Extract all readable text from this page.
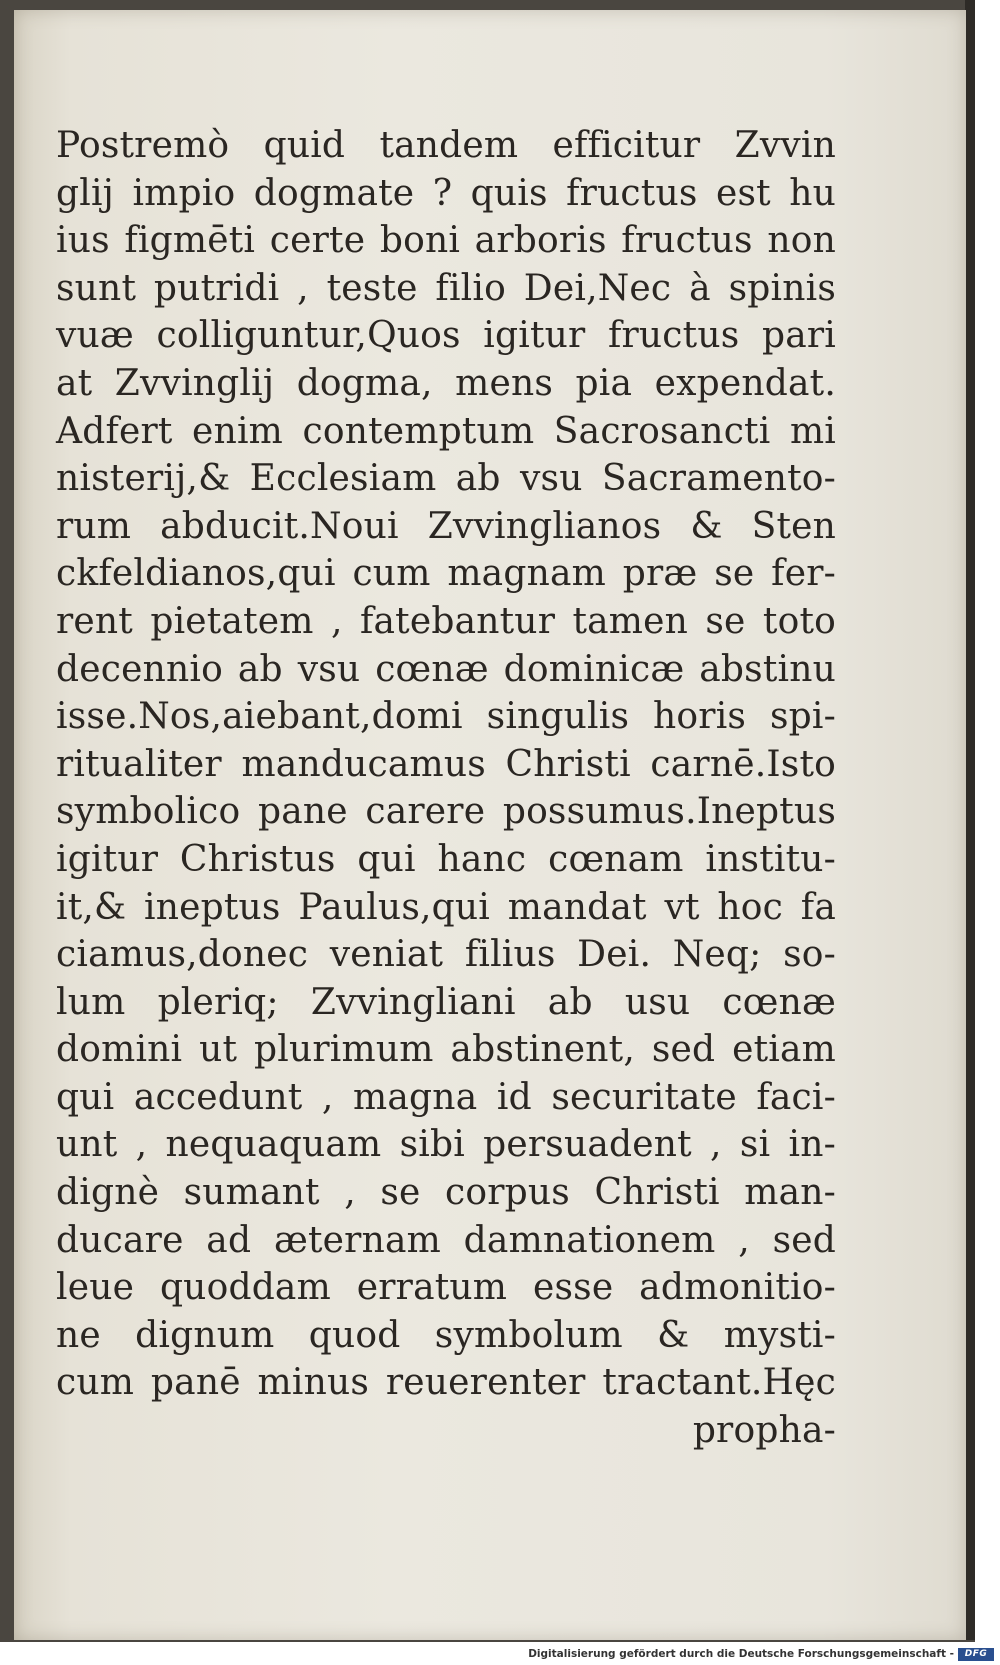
Postremò quid tandem efficitur Zvvin
glij impio dogmate ? quis fructus est hu
ius figmēti certe boni arboris fructus non
sunt putridi , teste filio Dei,Nec à spinis
vuæ colliguntur,Quos igitur fructus pari
at Zvvinglij dogma, mens pia expendat.
Adfert enim contemptum Sacrosancti mi
nisterij,& Ecclesiam ab vsu Sacramento-
rum abducit.Noui Zvvinglianos & Sten
ckfeldianos,qui cum magnam præ se fer-
rent pietatem , fatebantur tamen se toto
decennio ab vsu cœnæ dominicæ abstinu
isse.Nos,aiebant,domi singulis horis spi-
ritualiter manducamus Christi carnē.Isto
symbolico pane carere possumus.Ineptus
igitur Christus qui hanc cœnam institu-
it,& ineptus Paulus,qui mandat vt hoc fa
ciamus,donec veniat filius Dei. Neq; so-
lum pleriq; Zvvingliani ab usu cœnæ
domini ut plurimum abstinent, sed etiam
qui accedunt , magna id securitate faci-
unt , nequaquam sibi persuadent , si in-
dignè sumant , se corpus Christi man-
ducare ad æternam damnationem , sed
leue quoddam erratum esse admonitio-
ne dignum quod symbolum & mysti-
cum panē minus reuerenter tractant.Hęc
propha-
Digitalisierung gefördert durch die Deutsche Forschungsgemeinschaft -	DFG
